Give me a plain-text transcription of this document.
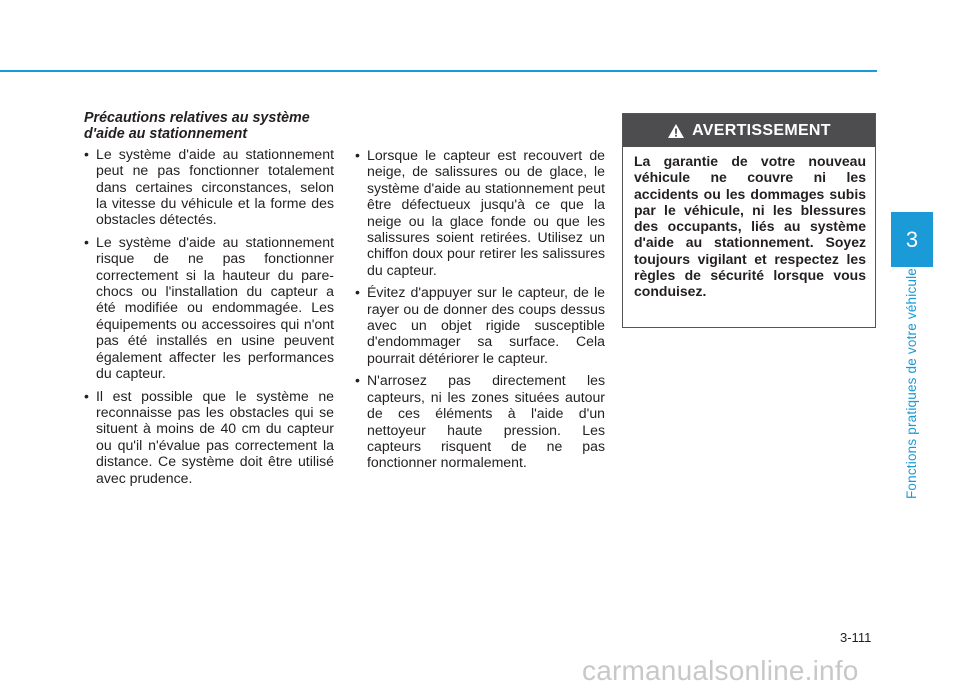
3
Fonctions pratiques de votre véhicule
Précautions relatives au système d'aide au stationnement
• Le système d'aide au stationnement peut ne pas fonctionner totalement dans certaines circonstances, selon la vitesse du véhicule et la forme des obstacles détectés.
• Le système d'aide au stationnement risque de ne pas fonctionner correctement si la hauteur du pare-chocs ou l'installation du capteur a été modifiée ou endommagée. Les équipements ou accessoires qui n'ont pas été installés en usine peuvent également affecter les performances du capteur.
• Il est possible que le système ne reconnaisse pas les obstacles qui se situent à moins de 40 cm du capteur ou qu'il n'évalue pas correctement la distance. Ce système doit être utilisé avec prudence.
• Lorsque le capteur est recouvert de neige, de salissures ou de glace, le système d'aide au stationnement peut être défectueux jusqu'à ce que la neige ou la glace fonde ou que les salissures soient retirées. Utilisez un chiffon doux pour retirer les salissures du capteur.
• Évitez d'appuyer sur le capteur, de le rayer ou de donner des coups dessus avec un objet rigide susceptible d'endommager sa surface. Cela pourrait détériorer le capteur.
• N'arrosez pas directement les capteurs, ni les zones situées autour de ces éléments à l'aide d'un nettoyeur haute pression. Les capteurs risquent de ne pas fonctionner normalement.
AVERTISSEMENT
La garantie de votre nouveau véhicule ne couvre ni les accidents ou les dommages subis par le véhicule, ni les blessures des occupants, liés au système d'aide au stationnement. Soyez toujours vigilant et respectez les règles de sécurité lorsque vous conduisez.
3-111
carmanualsonline.info
